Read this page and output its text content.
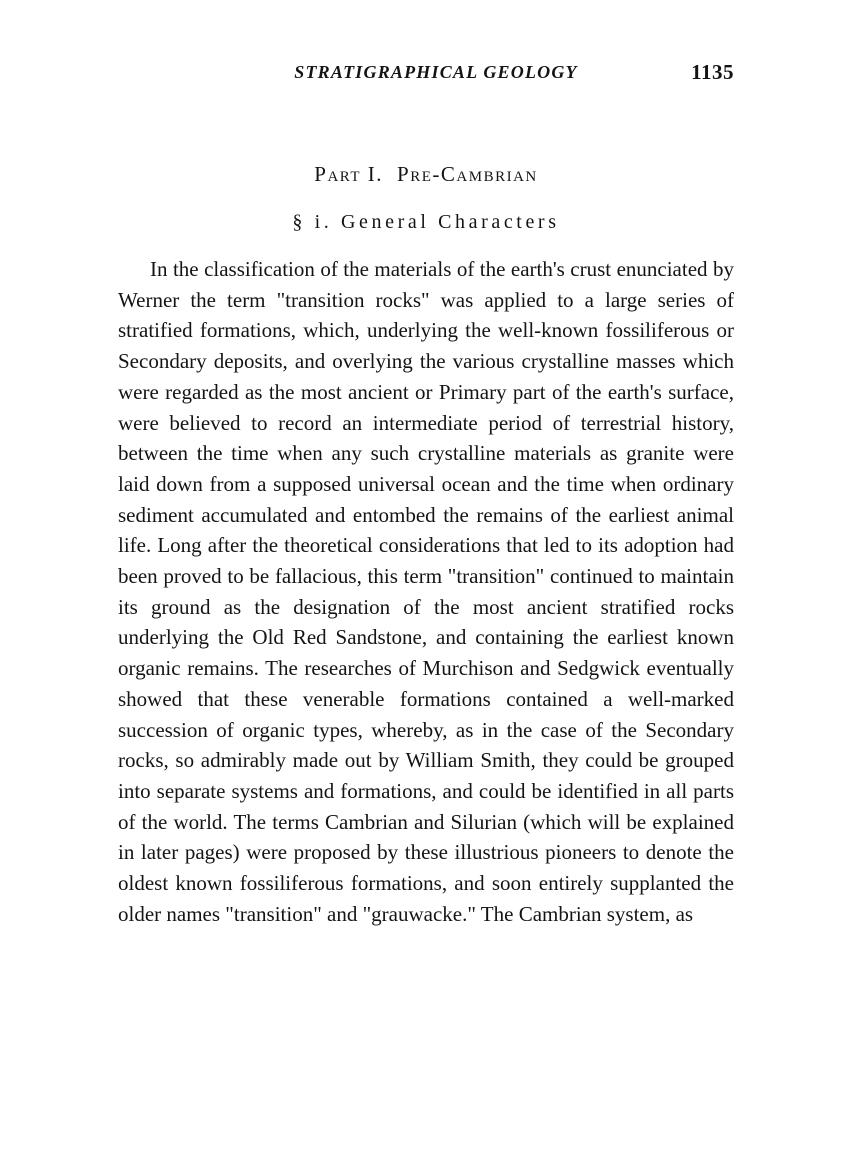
STRATIGRAPHICAL GEOLOGY	1135
Part I. Pre-Cambrian
§ i. General Characters

In the classification of the materials of the earth's crust enunciated by Werner the term "transition rocks" was applied to a large series of stratified formations, which, underlying the well-known fossiliferous or Secondary deposits, and overlying the various crystalline masses which were regarded as the most ancient or Primary part of the earth's surface, were believed to record an intermediate period of terrestrial history, between the time when any such crystalline materials as granite were laid down from a supposed universal ocean and the time when ordinary sediment accumulated and entombed the remains of the earliest animal life. Long after the theoretical considerations that led to its adoption had been proved to be fallacious, this term "transition" continued to maintain its ground as the designation of the most ancient stratified rocks underlying the Old Red Sandstone, and containing the earliest known organic remains. The researches of Murchison and Sedgwick eventually showed that these venerable formations contained a well-marked succession of organic types, whereby, as in the case of the Secondary rocks, so admirably made out by William Smith, they could be grouped into separate systems and formations, and could be identified in all parts of the world. The terms Cambrian and Silurian (which will be explained in later pages) were proposed by these illustrious pioneers to denote the oldest known fossiliferous formations, and soon entirely supplanted the older names "transition" and "grauwacke." The Cambrian system, as
